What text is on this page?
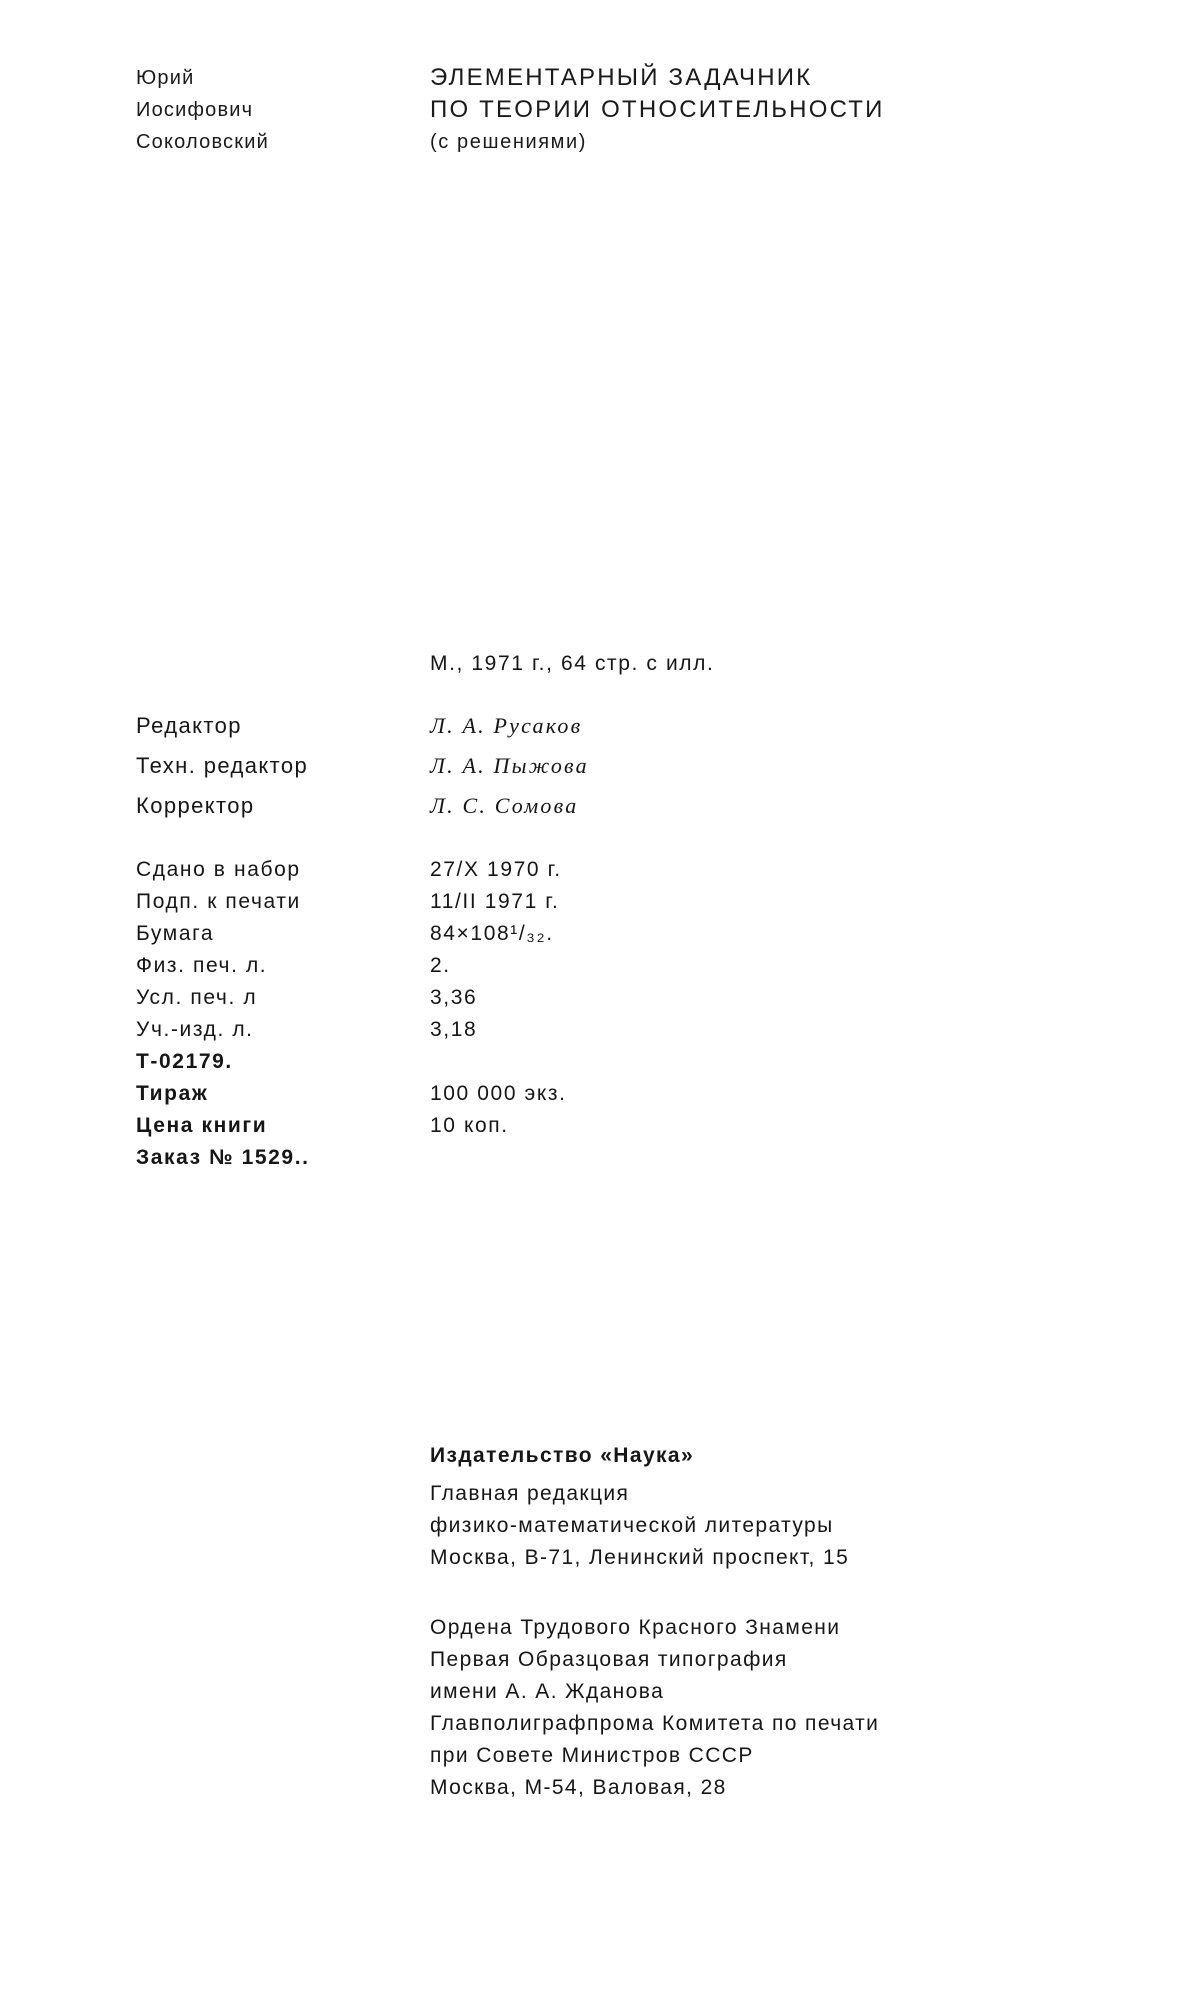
Юрий	ЭЛЕМЕНТАРНЫЙ ЗАДАЧНИК
Иосифович	ПО ТЕОРИИ ОТНОСИТЕЛЬНОСТИ
Соколовский	(с решениями)
М., 1971 г., 64 стр. с илл.
Редактор	Л. А. Русаков
Техн. редактор	Л. А. Пыжова
Корректор	Л. С. Сомова
Сдано в набор	27/X 1970 г.
Подп. к печати	11/II 1971 г.
Бумага	84×108¹/₃₂.
Физ. печ. л.	2.
Усл. печ. л	3,36
Уч.-изд. л.	3,18
Т-02179.
Тираж	100 000 экз.
Цена книги	10 коп.
Заказ № 1529..
Издательство «Наука»
Главная редакция
физико-математической литературы
Москва, В-71, Ленинский проспект, 15
Ордена Трудового Красного Знамени
Первая Образцовая типография
имени А. А. Жданова
Главполиграфпрома Комитета по печати
при Совете Министров СССР
Москва, М-54, Валовая, 28
